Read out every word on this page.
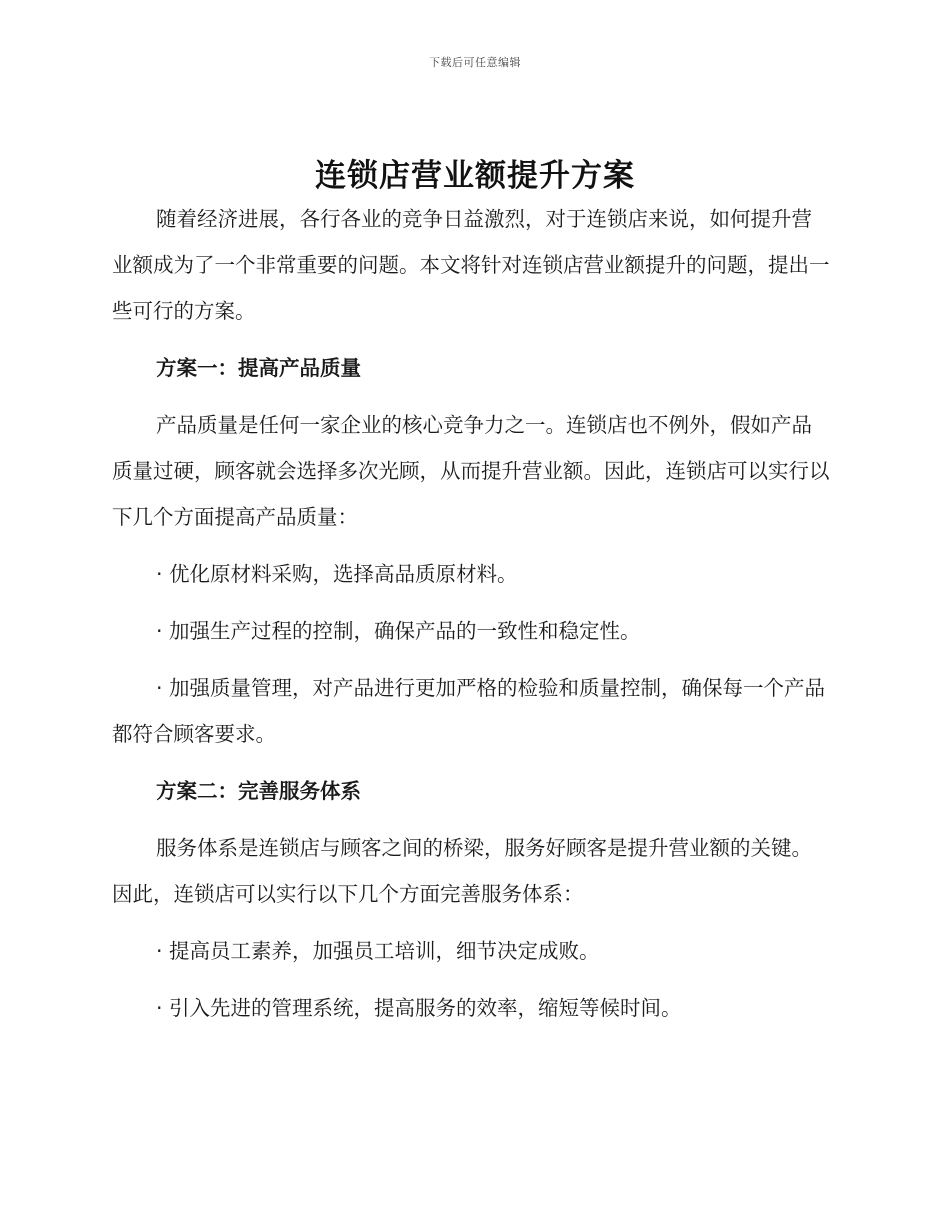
下载后可任意编辑
连锁店营业额提升方案

随着经济进展，各行各业的竞争日益激烈，对于连锁店来说，如何提升营业额成为了一个非常重要的问题。本文将针对连锁店营业额提升的问题，提出一些可行的方案。

方案一：提高产品质量

产品质量是任何一家企业的核心竞争力之一。连锁店也不例外，假如产品质量过硬，顾客就会选择多次光顾，从而提升营业额。因此，连锁店可以实行以下几个方面提高产品质量：

· 优化原材料采购，选择高品质原材料。

· 加强生产过程的控制，确保产品的一致性和稳定性。

· 加强质量管理，对产品进行更加严格的检验和质量控制，确保每一个产品都符合顾客要求。

方案二：完善服务体系

服务体系是连锁店与顾客之间的桥梁，服务好顾客是提升营业额的关键。因此，连锁店可以实行以下几个方面完善服务体系：

· 提高员工素养，加强员工培训，细节决定成败。

· 引入先进的管理系统，提高服务的效率，缩短等候时间。
